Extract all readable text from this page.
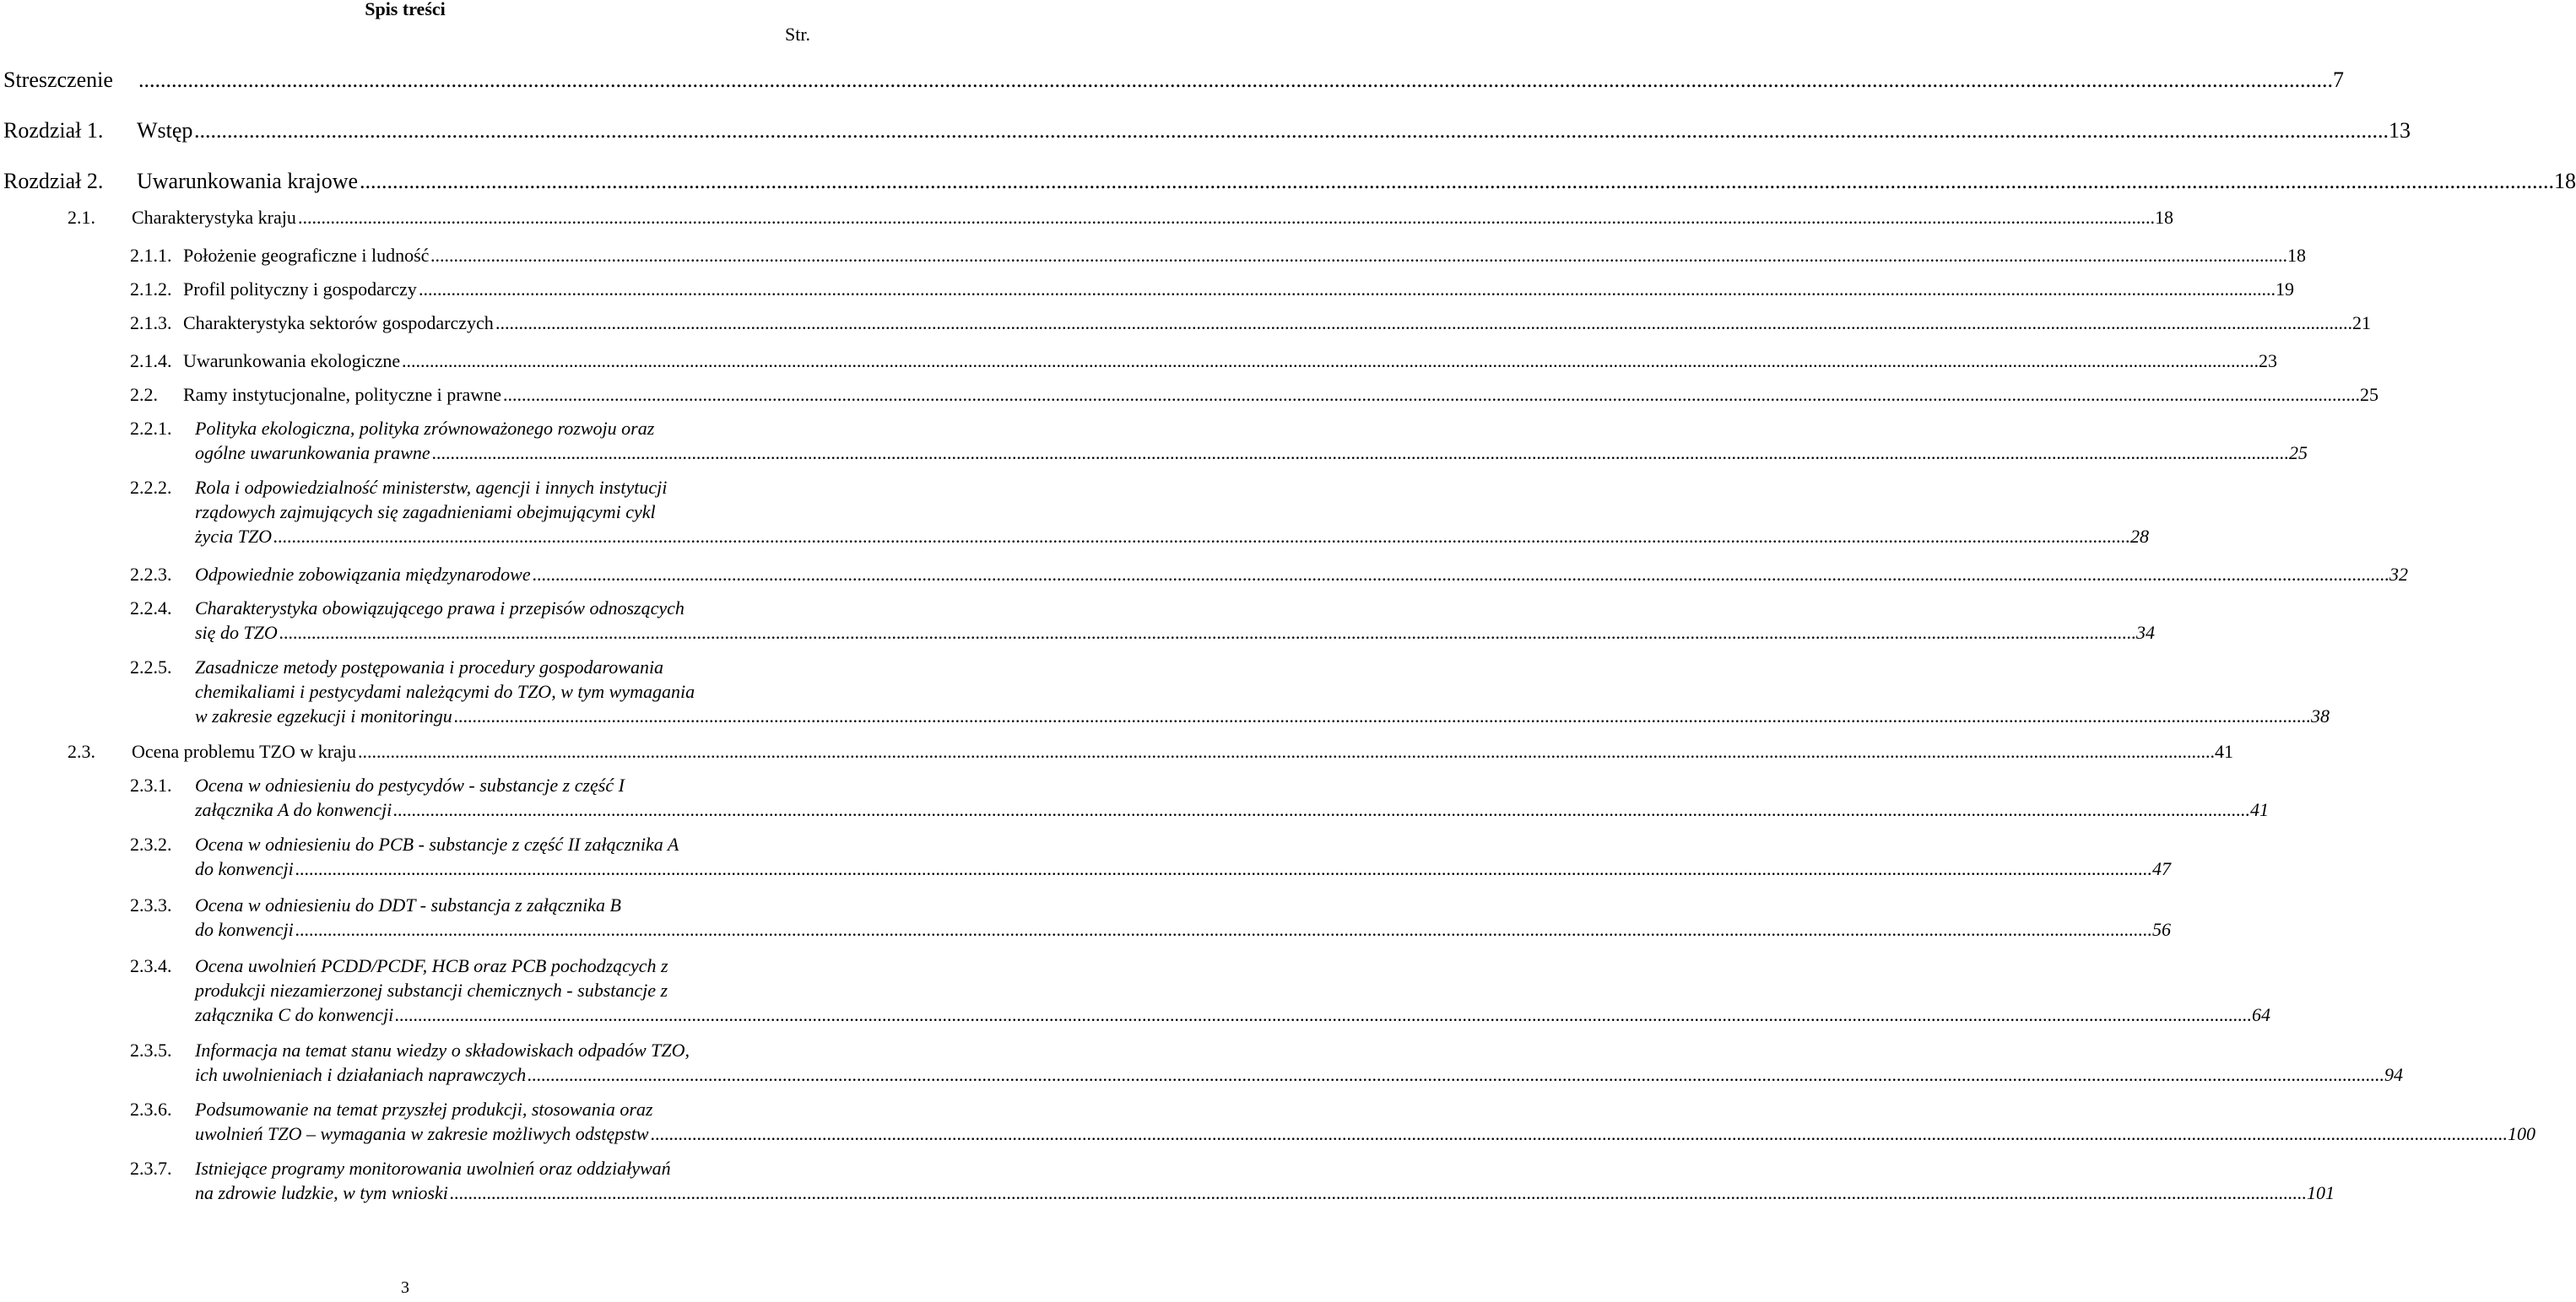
Spis treści
Str.
Streszczenie ................................................................................................................................................................................................................................................................................................................................................................................................................ 7
Rozdział 1. Wstęp ................................................................................................................................................................................................................................................................................................................................................................................................................ 13
Rozdział 2. Uwarunkowania krajowe ................................................................................................................................................................................................................................................................................................................................................................................................................ 18
2.1. Charakterystyka kraju ................................................................................................................................................................................................................................................................................................................................................................................................................ 18
2.1.1. Położenie geograficzne i ludność ................................................................................................................................................................................................................................................................................................................................................................................................................ 18
2.1.2. Profil polityczny i gospodarczy ................................................................................................................................................................................................................................................................................................................................................................................................................ 19
2.1.3. Charakterystyka sektorów gospodarczych ................................................................................................................................................................................................................................................................................................................................................................................................................ 21
2.1.4. Uwarunkowania ekologiczne ................................................................................................................................................................................................................................................................................................................................................................................................................ 23
2.2. Ramy instytucjonalne, polityczne i prawne ................................................................................................................................................................................................................................................................................................................................................................................................................ 25
2.2.1. Polityka ekologiczna, polityka zrównoważonego rozwoju oraz
ogólne uwarunkowania prawne ................................................................................................................................................................................................................................................................................................................................................................................................................ 25
2.2.2. Rola i odpowiedzialność ministerstw, agencji i innych instytucji
rządowych zajmujących się zagadnieniami obejmującymi cykl
życia TZO ................................................................................................................................................................................................................................................................................................................................................................................................................ 28
2.2.3. Odpowiednie zobowiązania międzynarodowe ................................................................................................................................................................................................................................................................................................................................................................................................................ 32
2.2.4. Charakterystyka obowiązującego prawa i przepisów odnoszących
się do TZO ................................................................................................................................................................................................................................................................................................................................................................................................................ 34
2.2.5. Zasadnicze metody postępowania i procedury gospodarowania
chemikaliami i pestycydami należącymi do TZO, w tym wymagania
w zakresie egzekucji i monitoringu ................................................................................................................................................................................................................................................................................................................................................................................................................ 38
2.3. Ocena problemu TZO w kraju ................................................................................................................................................................................................................................................................................................................................................................................................................ 41
2.3.1. Ocena w odniesieniu do pestycydów - substancje z część I
załącznika A do konwencji ................................................................................................................................................................................................................................................................................................................................................................................................................ 41
2.3.2. Ocena w odniesieniu do PCB - substancje z część II załącznika A
do konwencji ................................................................................................................................................................................................................................................................................................................................................................................................................ 47
2.3.3. Ocena w odniesieniu do DDT - substancja z załącznika B
do konwencji ................................................................................................................................................................................................................................................................................................................................................................................................................ 56
2.3.4. Ocena uwolnień PCDD/PCDF, HCB oraz PCB pochodzących z
produkcji niezamierzonej substancji chemicznych - substancje z
załącznika C do konwencji ................................................................................................................................................................................................................................................................................................................................................................................................................ 64
2.3.5. Informacja na temat stanu wiedzy o składowiskach odpadów TZO,
ich uwolnieniach i działaniach naprawczych ................................................................................................................................................................................................................................................................................................................................................................................................................ 94
2.3.6. Podsumowanie na temat przyszłej produkcji, stosowania oraz
uwolnień TZO – wymagania w zakresie możliwych odstępstw ................................................................................................................................................................................................................................................................................................................................................................................................................ 100
2.3.7. Istniejące programy monitorowania uwolnień oraz oddziaływań
na zdrowie ludzkie, w tym wnioski ................................................................................................................................................................................................................................................................................................................................................................................................................ 101
3
